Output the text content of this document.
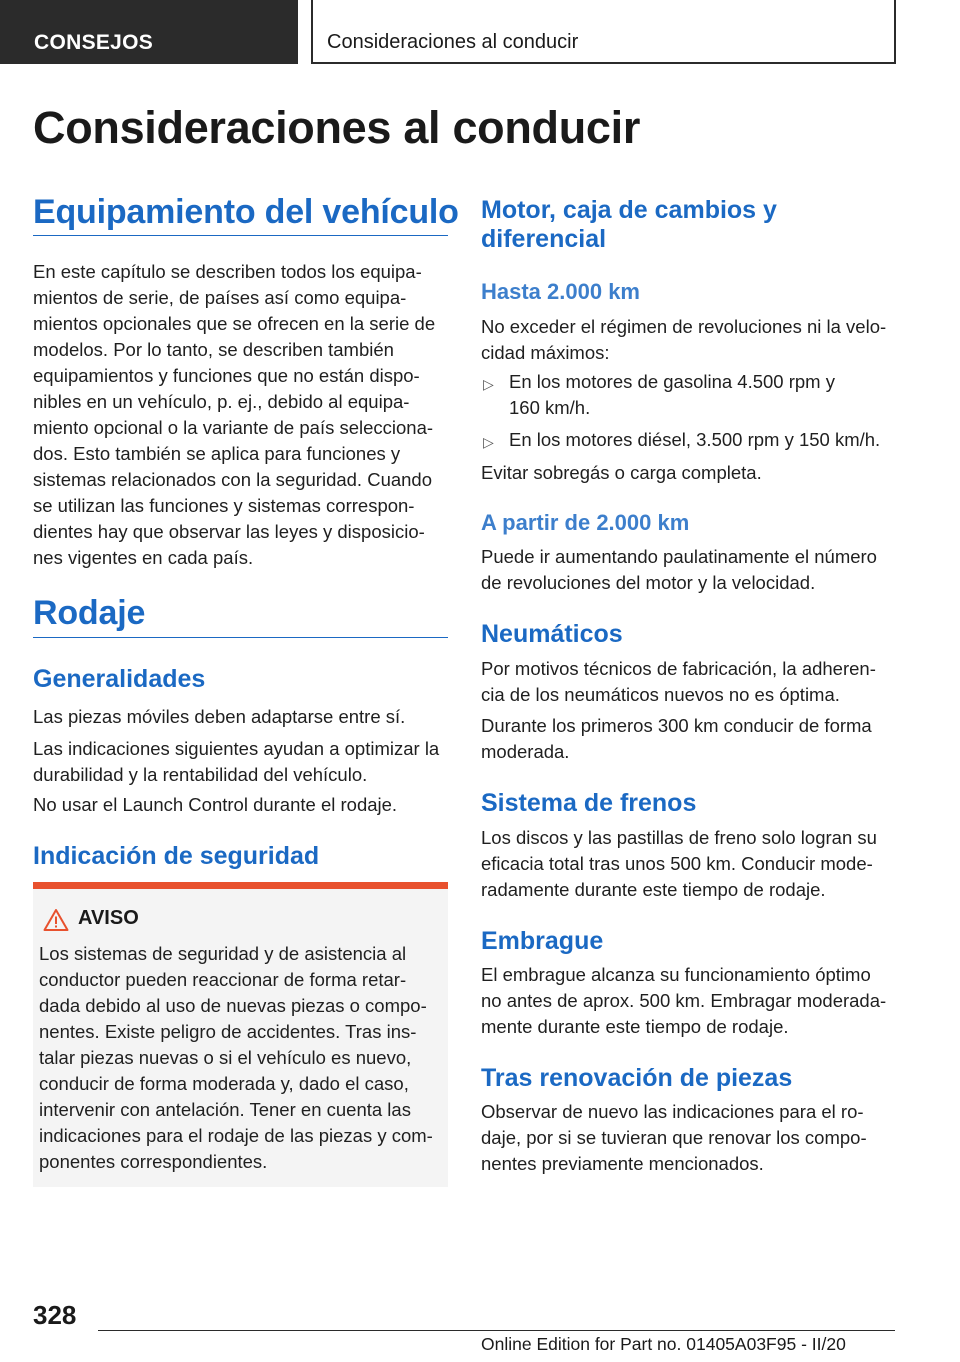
CONSEJOS	Consideraciones al conducir
Consideraciones al conducir
Equipamiento del vehículo
En este capítulo se describen todos los equipa‐
mientos de serie, de países así como equipa‐
mientos opcionales que se ofrecen en la serie de
modelos. Por lo tanto, se describen también
equipamientos y funciones que no están dispo‐
nibles en un vehículo, p. ej., debido al equipa‐
miento opcional o la variante de país selecciona‐
dos. Esto también se aplica para funciones y
sistemas relacionados con la seguridad. Cuando
se utilizan las funciones y sistemas correspon‐
dientes hay que observar las leyes y disposicio‐
nes vigentes en cada país.
Rodaje
Generalidades
Las piezas móviles deben adaptarse entre sí.
Las indicaciones siguientes ayudan a optimizar la
durabilidad y la rentabilidad del vehículo.
No usar el Launch Control durante el rodaje.
Indicación de seguridad
AVISO
Los sistemas de seguridad y de asistencia al
conductor pueden reaccionar de forma retar‐
dada debido al uso de nuevas piezas o compo‐
nentes. Existe peligro de accidentes. Tras ins‐
talar piezas nuevas o si el vehículo es nuevo,
conducir de forma moderada y, dado el caso,
intervenir con antelación. Tener en cuenta las
indicaciones para el rodaje de las piezas y com‐
ponentes correspondientes.
Motor, caja de cambios y
diferencial
Hasta 2.000 km
No exceder el régimen de revoluciones ni la velo‐
cidad máximos:
▷ En los motores de gasolina 4.500 rpm y
160 km/h.
▷ En los motores diésel, 3.500 rpm y 150 km/h.
Evitar sobregás o carga completa.
A partir de 2.000 km
Puede ir aumentando paulatinamente el número
de revoluciones del motor y la velocidad.
Neumáticos
Por motivos técnicos de fabricación, la adheren‐
cia de los neumáticos nuevos no es óptima.
Durante los primeros 300 km conducir de forma
moderada.
Sistema de frenos
Los discos y las pastillas de freno solo logran su
eficacia total tras unos 500 km. Conducir mode‐
radamente durante este tiempo de rodaje.
Embrague
El embrague alcanza su funcionamiento óptimo
no antes de aprox. 500 km. Embragar moderada‐
mente durante este tiempo de rodaje.
Tras renovación de piezas
Observar de nuevo las indicaciones para el ro‐
daje, por si se tuvieran que renovar los compo‐
nentes previamente mencionados.
328
Online Edition for Part no. 01405A03F95 - II/20
